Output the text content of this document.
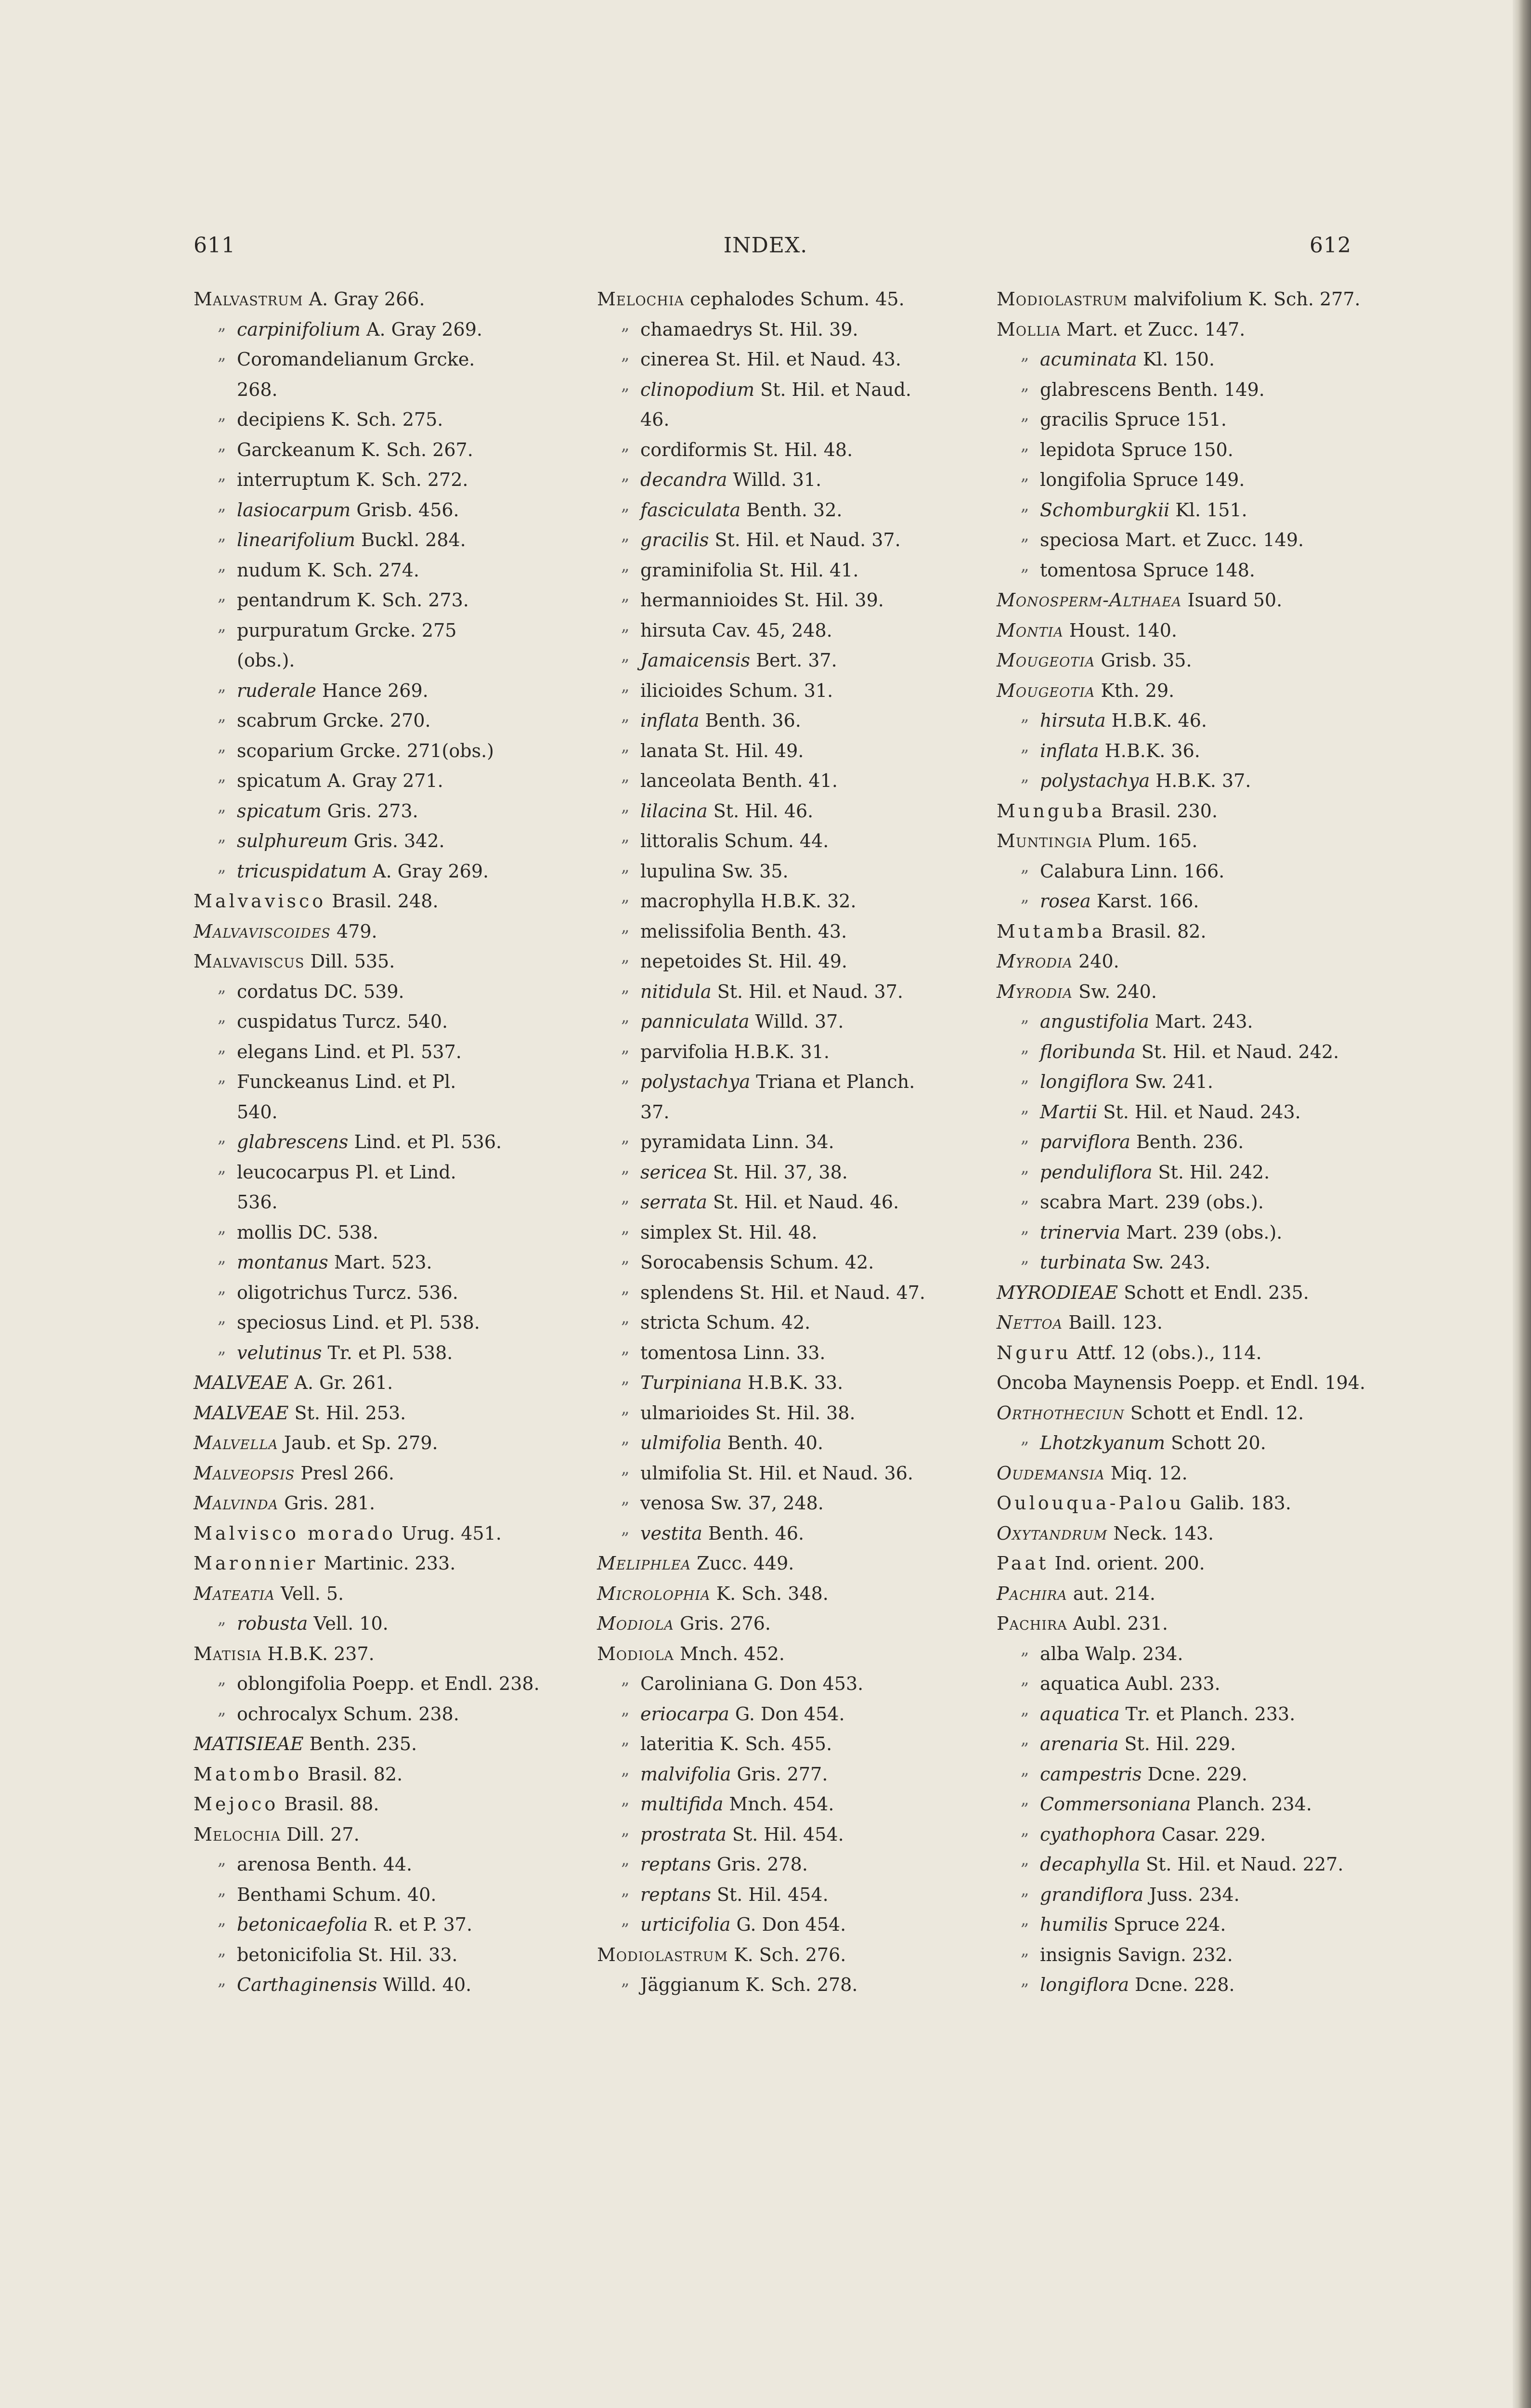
611	INDEX.	612
Malvastrum A. Gray 266.
„ carpinifolium A. Gray 269.
„ Coromandelianum Grcke.
268.
„ decipiens K. Sch. 275.
„ Garckeanum K. Sch. 267.
„ interruptum K. Sch. 272.
„ lasiocarpum Grisb. 456.
„ linearifolium Buckl. 284.
„ nudum K. Sch. 274.
„ pentandrum K. Sch. 273.
„ purpuratum Grcke. 275
(obs.).
„ ruderale Hance 269.
„ scabrum Grcke. 270.
„ scoparium Grcke. 271(obs.)
„ spicatum A. Gray 271.
„ spicatum Gris. 273.
„ sulphureum Gris. 342.
„ tricuspidatum A. Gray 269.
Malvavisco Brasil. 248.
Malvaviscoides 479.
Malvaviscus Dill. 535.
„ cordatus DC. 539.
„ cuspidatus Turcz. 540.
„ elegans Lind. et Pl. 537.
„ Funckeanus Lind. et Pl.
540.
„ glabrescens Lind. et Pl. 536.
„ leucocarpus Pl. et Lind.
536.
„ mollis DC. 538.
„ montanus Mart. 523.
„ oligotrichus Turcz. 536.
„ speciosus Lind. et Pl. 538.
„ velutinus Tr. et Pl. 538.
MALVEAE A. Gr. 261.
MALVEAE St. Hil. 253.
Malvella Jaub. et Sp. 279.
Malveopsis Presl 266.
Malvinda Gris. 281.
Malvisco morado Urug. 451.
Maronnier Martinic. 233.
Mateatia Vell. 5.
„ robusta Vell. 10.
Matisia H.B.K. 237.
„ oblongifolia Poepp. et Endl. 238.
„ ochrocalyx Schum. 238.
MATISIEAE Benth. 235.
Matombo Brasil. 82.
Mejoco Brasil. 88.
Melochia Dill. 27.
„ arenosa Benth. 44.
„ Benthami Schum. 40.
„ betonicaefolia R. et P. 37.
„ betonicifolia St. Hil. 33.
„ Carthaginensis Willd. 40.
Melochia cephalodes Schum. 45.
„ chamaedrys St. Hil. 39.
„ cinerea St. Hil. et Naud. 43.
„ clinopodium St. Hil. et Naud.
46.
„ cordiformis St. Hil. 48.
„ decandra Willd. 31.
„ fasciculata Benth. 32.
„ gracilis St. Hil. et Naud. 37.
„ graminifolia St. Hil. 41.
„ hermannioides St. Hil. 39.
„ hirsuta Cav. 45, 248.
„ Jamaicensis Bert. 37.
„ ilicioides Schum. 31.
„ inflata Benth. 36.
„ lanata St. Hil. 49.
„ lanceolata Benth. 41.
„ lilacina St. Hil. 46.
„ littoralis Schum. 44.
„ lupulina Sw. 35.
„ macrophylla H.B.K. 32.
„ melissifolia Benth. 43.
„ nepetoides St. Hil. 49.
„ nitidula St. Hil. et Naud. 37.
„ panniculata Willd. 37.
„ parvifolia H.B.K. 31.
„ polystachya Triana et Planch.
37.
„ pyramidata Linn. 34.
„ sericea St. Hil. 37, 38.
„ serrata St. Hil. et Naud. 46.
„ simplex St. Hil. 48.
„ Sorocabensis Schum. 42.
„ splendens St. Hil. et Naud. 47.
„ stricta Schum. 42.
„ tomentosa Linn. 33.
„ Turpiniana H.B.K. 33.
„ ulmarioides St. Hil. 38.
„ ulmifolia Benth. 40.
„ ulmifolia St. Hil. et Naud. 36.
„ venosa Sw. 37, 248.
„ vestita Benth. 46.
Meliphlea Zucc. 449.
Microlophia K. Sch. 348.
Modiola Gris. 276.
Modiola Mnch. 452.
„ Caroliniana G. Don 453.
„ eriocarpa G. Don 454.
„ lateritia K. Sch. 455.
„ malvifolia Gris. 277.
„ multifida Mnch. 454.
„ prostrata St. Hil. 454.
„ reptans Gris. 278.
„ reptans St. Hil. 454.
„ urticifolia G. Don 454.
Modiolastrum K. Sch. 276.
„ Jäggianum K. Sch. 278.
Modiolastrum malvifolium K. Sch. 277.
Mollia Mart. et Zucc. 147.
„ acuminata Kl. 150.
„ glabrescens Benth. 149.
„ gracilis Spruce 151.
„ lepidota Spruce 150.
„ longifolia Spruce 149.
„ Schomburgkii Kl. 151.
„ speciosa Mart. et Zucc. 149.
„ tomentosa Spruce 148.
Monosperm-Althaea Isuard 50.
Montia Houst. 140.
Mougeotia Grisb. 35.
Mougeotia Kth. 29.
„ hirsuta H.B.K. 46.
„ inflata H.B.K. 36.
„ polystachya H.B.K. 37.
Munguba Brasil. 230.
Muntingia Plum. 165.
„ Calabura Linn. 166.
„ rosea Karst. 166.
Mutamba Brasil. 82.
Myrodia 240.
Myrodia Sw. 240.
„ angustifolia Mart. 243.
„ floribunda St. Hil. et Naud. 242.
„ longiflora Sw. 241.
„ Martii St. Hil. et Naud. 243.
„ parviflora Benth. 236.
„ penduliflora St. Hil. 242.
„ scabra Mart. 239 (obs.).
„ trinervia Mart. 239 (obs.).
„ turbinata Sw. 243.
MYRODIEAE Schott et Endl. 235.
Nettoa Baill. 123.
Nguru Attf. 12 (obs.)., 114.
Oncoba Maynensis Poepp. et Endl. 194.
Orthotheciun Schott et Endl. 12.
„ Lhotzkyanum Schott 20.
Oudemansia Miq. 12.
Oulouqua-Palou Galib. 183.
Oxytandrum Neck. 143.
Paat Ind. orient. 200.
Pachira aut. 214.
Pachira Aubl. 231.
„ alba Walp. 234.
„ aquatica Aubl. 233.
„ aquatica Tr. et Planch. 233.
„ arenaria St. Hil. 229.
„ campestris Dcne. 229.
„ Commersoniana Planch. 234.
„ cyathophora Casar. 229.
„ decaphylla St. Hil. et Naud. 227.
„ grandiflora Juss. 234.
„ humilis Spruce 224.
„ insignis Savign. 232.
„ longiflora Dcne. 228.
